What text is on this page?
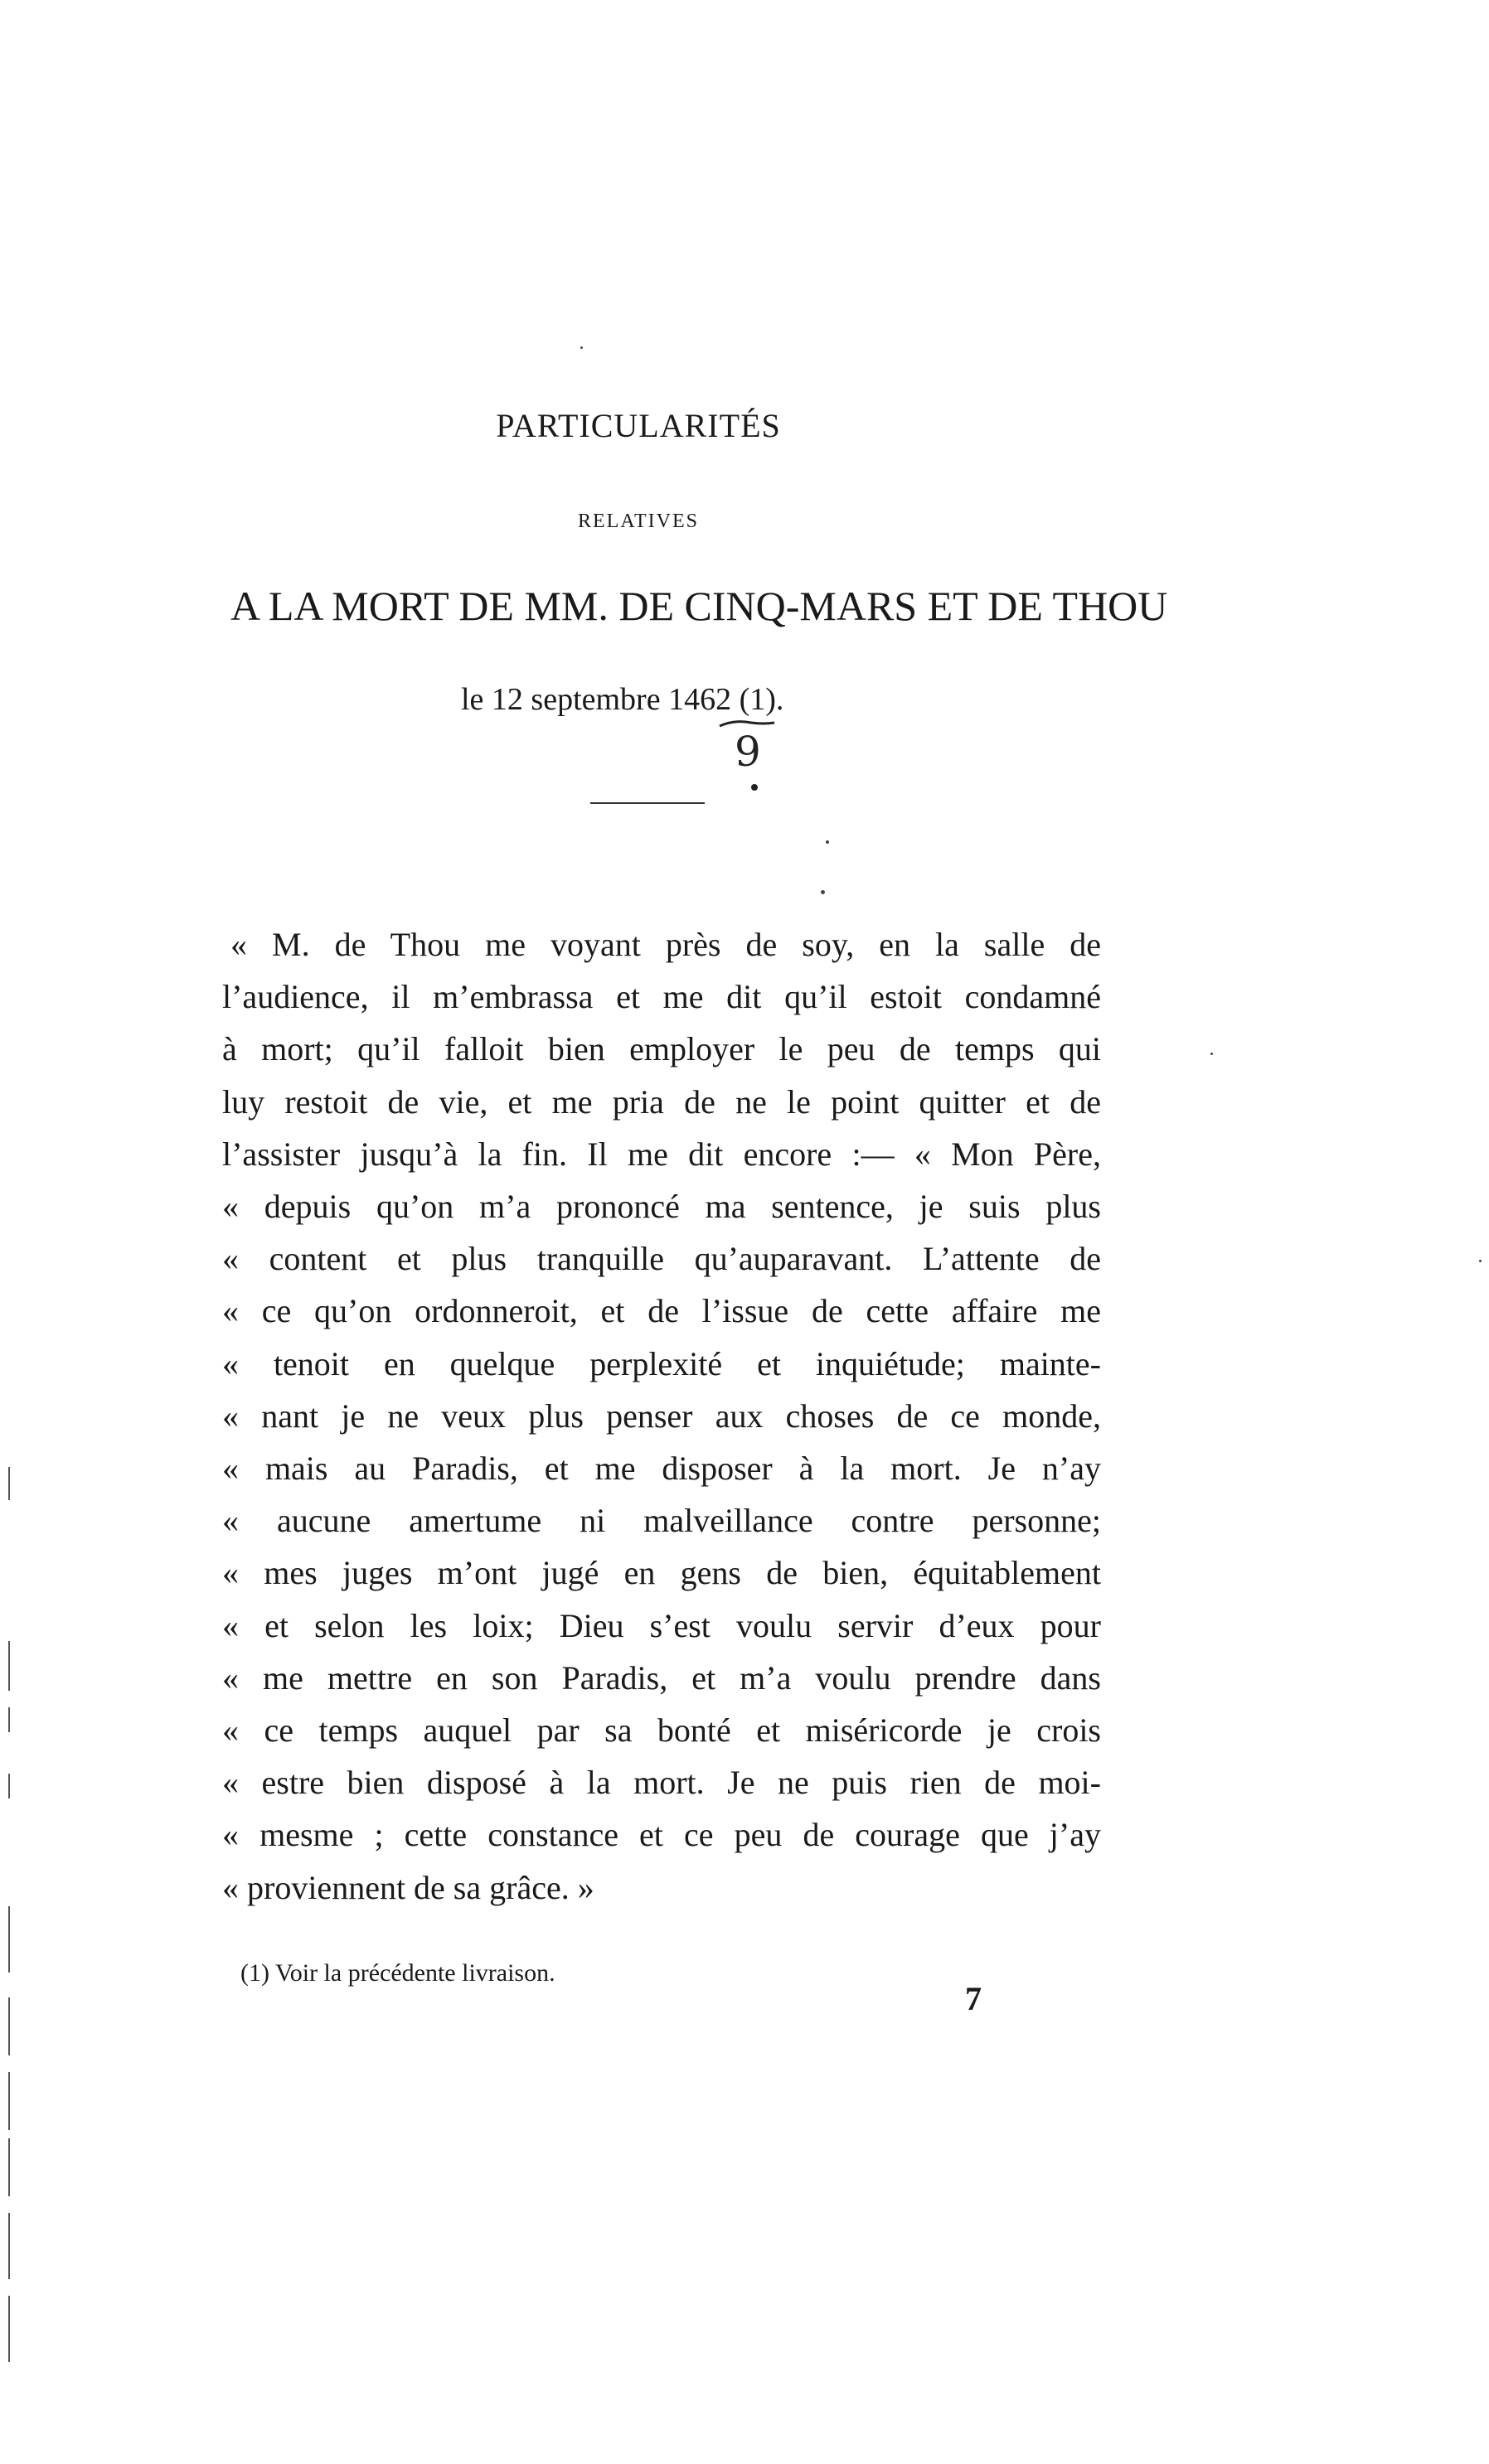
PARTICULARITÉS
RELATIVES
A LA MORT DE MM. DE CINQ-MARS ET DE THOU
le 12 septembre 1462 (1).
9
« M. de Thou me voyant près de soy, en la salle de
l’audience, il m’embrassa et me dit qu’il estoit condamné
à mort; qu’il falloit bien employer le peu de temps qui
luy restoit de vie, et me pria de ne le point quitter et de
l’assister jusqu’à la fin. Il me dit encore :— « Mon Père,
« depuis qu’on m’a prononcé ma sentence, je suis plus
« content et plus tranquille qu’auparavant. L’attente de
« ce qu’on ordonneroit, et de l’issue de cette affaire me
« tenoit en quelque perplexité et inquiétude; mainte-
« nant je ne veux plus penser aux choses de ce monde,
« mais au Paradis, et me disposer à la mort. Je n’ay
« aucune amertume ni malveillance contre personne;
« mes juges m’ont jugé en gens de bien, équitablement
« et selon les loix; Dieu s’est voulu servir d’eux pour
« me mettre en son Paradis, et m’a voulu prendre dans
« ce temps auquel par sa bonté et miséricorde je crois
« estre bien disposé à la mort. Je ne puis rien de moi-
« mesme ; cette constance et ce peu de courage que j’ay
« proviennent de sa grâce. »
(1) Voir la précédente livraison.
7
